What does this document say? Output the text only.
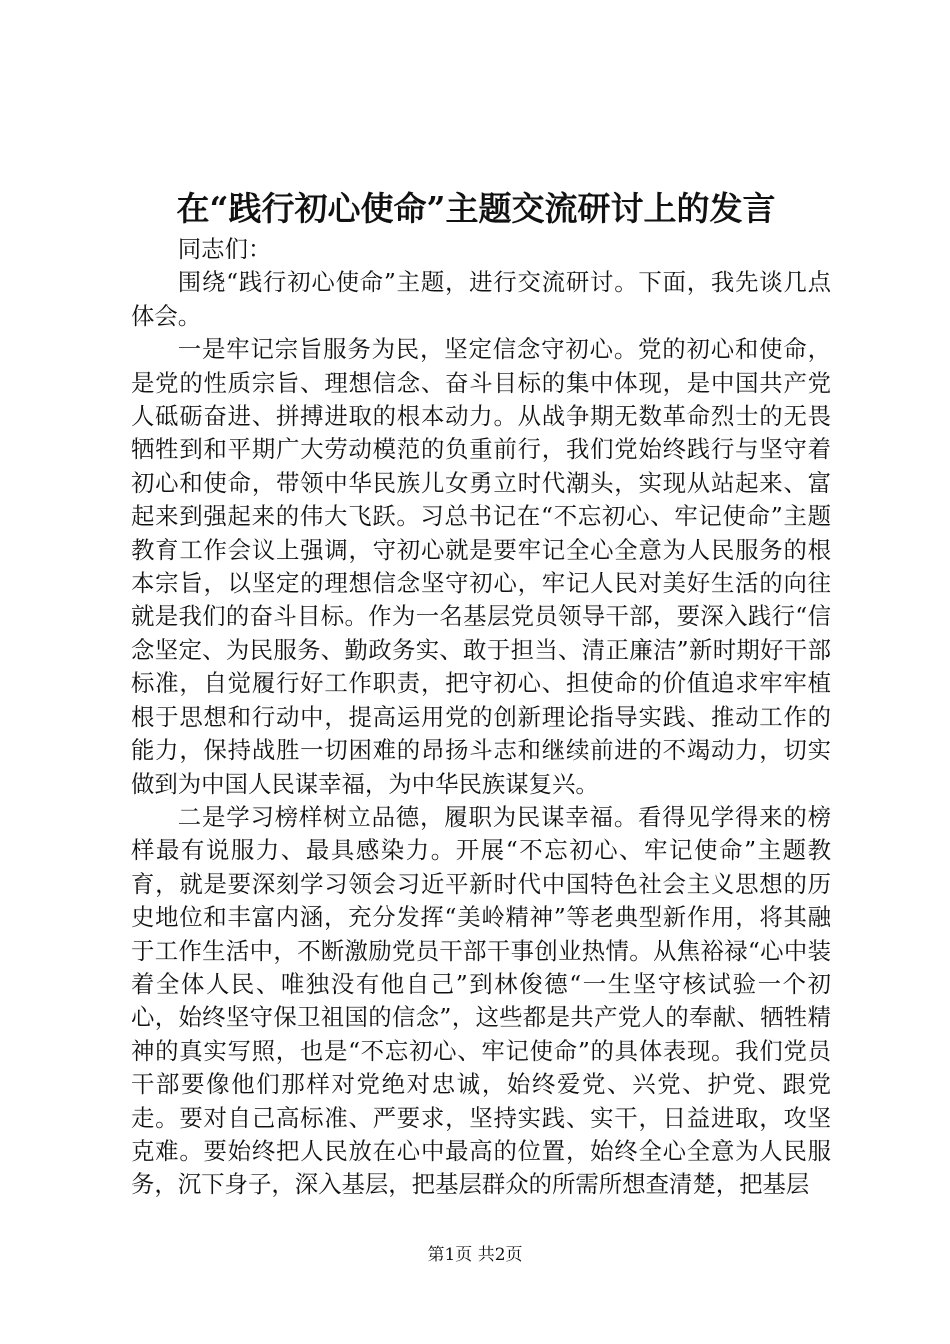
在“践行初心使命”主题交流研讨上的发言

同志们：

围绕“践行初心使命”主题，进行交流研讨。下面，我先谈几点体会。

一是牢记宗旨服务为民，坚定信念守初心。党的初心和使命，是党的性质宗旨、理想信念、奋斗目标的集中体现，是中国共产党人砥砺奋进、拼搏进取的根本动力。从战争期无数革命烈士的无畏牺牲到和平期广大劳动模范的负重前行，我们党始终践行与坚守着初心和使命，带领中华民族儿女勇立时代潮头，实现从站起来、富起来到强起来的伟大飞跃。习总书记在“不忘初心、牢记使命”主题教育工作会议上强调，守初心就是要牢记全心全意为人民服务的根本宗旨，以坚定的理想信念坚守初心，牢记人民对美好生活的向往就是我们的奋斗目标。作为一名基层党员领导干部，要深入践行“信念坚定、为民服务、勤政务实、敢于担当、清正廉洁”新时期好干部标准，自觉履行好工作职责，把守初心、担使命的价值追求牢牢植根于思想和行动中，提高运用党的创新理论指导实践、推动工作的能力，保持战胜一切困难的昂扬斗志和继续前进的不竭动力，切实做到为中国人民谋幸福，为中华民族谋复兴。

二是学习榜样树立品德，履职为民谋幸福。看得见学得来的榜样最有说服力、最具感染力。开展“不忘初心、牢记使命”主题教育，就是要深刻学习领会习近平新时代中国特色社会主义思想的历史地位和丰富内涵，充分发挥“美岭精神”等老典型新作用，将其融于工作生活中，不断激励党员干部干事创业热情。从焦裕禄“心中装着全体人民、唯独没有他自己”到林俊德“一生坚守核试验一个初心，始终坚守保卫祖国的信念”，这些都是共产党人的奉献、牺牲精神的真实写照，也是“不忘初心、牢记使命”的具体表现。我们党员干部要像他们那样对党绝对忠诚，始终爱党、兴党、护党、跟党走。要对自己高标准、严要求，坚持实践、实干，日益进取，攻坚克难。要始终把人民放在心中最高的位置，始终全心全意为人民服务，沉下身子，深入基层，把基层群众的所需所想查清楚，把基层

第1页 共2页
